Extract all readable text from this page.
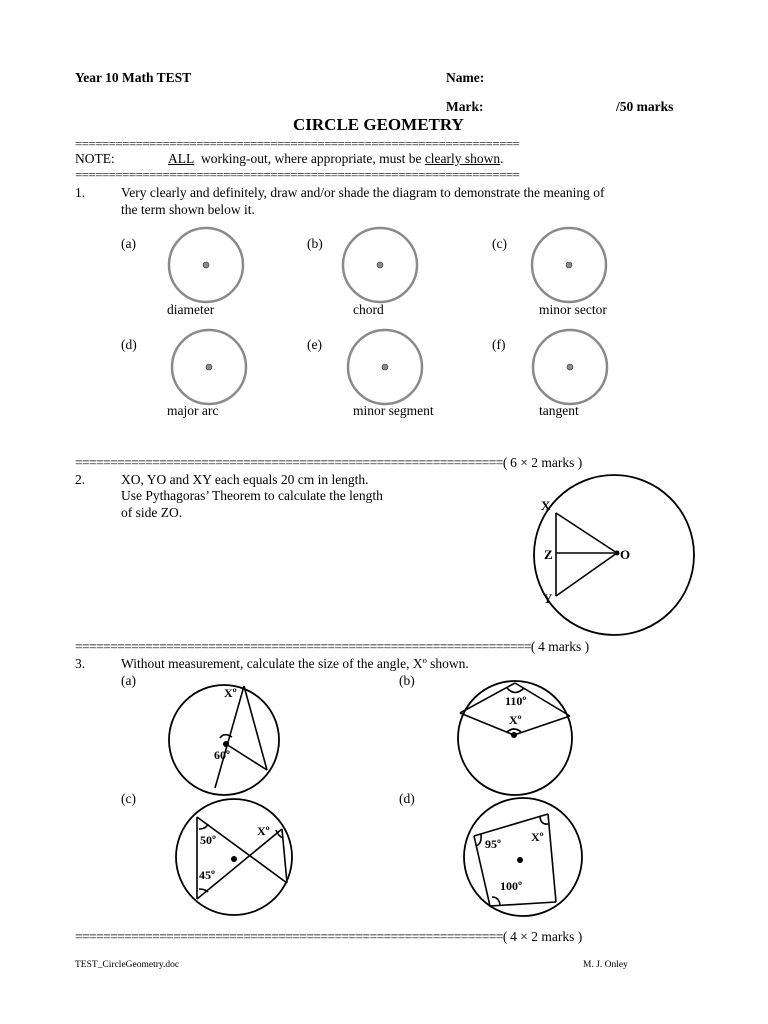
Year 10 Math TEST	Name:
Mark:	/50 marks
CIRCLE GEOMETRY
==================================================================
NOTE:	ALL working-out, where appropriate, must be clearly shown.
==================================================================
1.	Very clearly and definitely, draw and/or shade the diagram to demonstrate the meaning of
the term shown below it.
(a)	(b)	(c)
diameter	chord	minor sector
(d)	(e)	(f)
major arc	minor segment	tangent
=============================================================( 6 × 2 marks )
2.	XO, YO and XY each equals 20 cm in length.
Use Pythagoras’ Theorem to calculate the length
of side ZO.	X
Z	O
Y
=================================================================( 4 marks )
3.	Without measurement, calculate the size of the angle, Xº shown.
(a)	(b)
(c)	(d)
Xº
60º
110º
Xº
50º
Xº
45º
95º	Xº
100º
=============================================================( 4 × 2 marks )
TEST_CircleGeometry.doc	M. J. Onley
